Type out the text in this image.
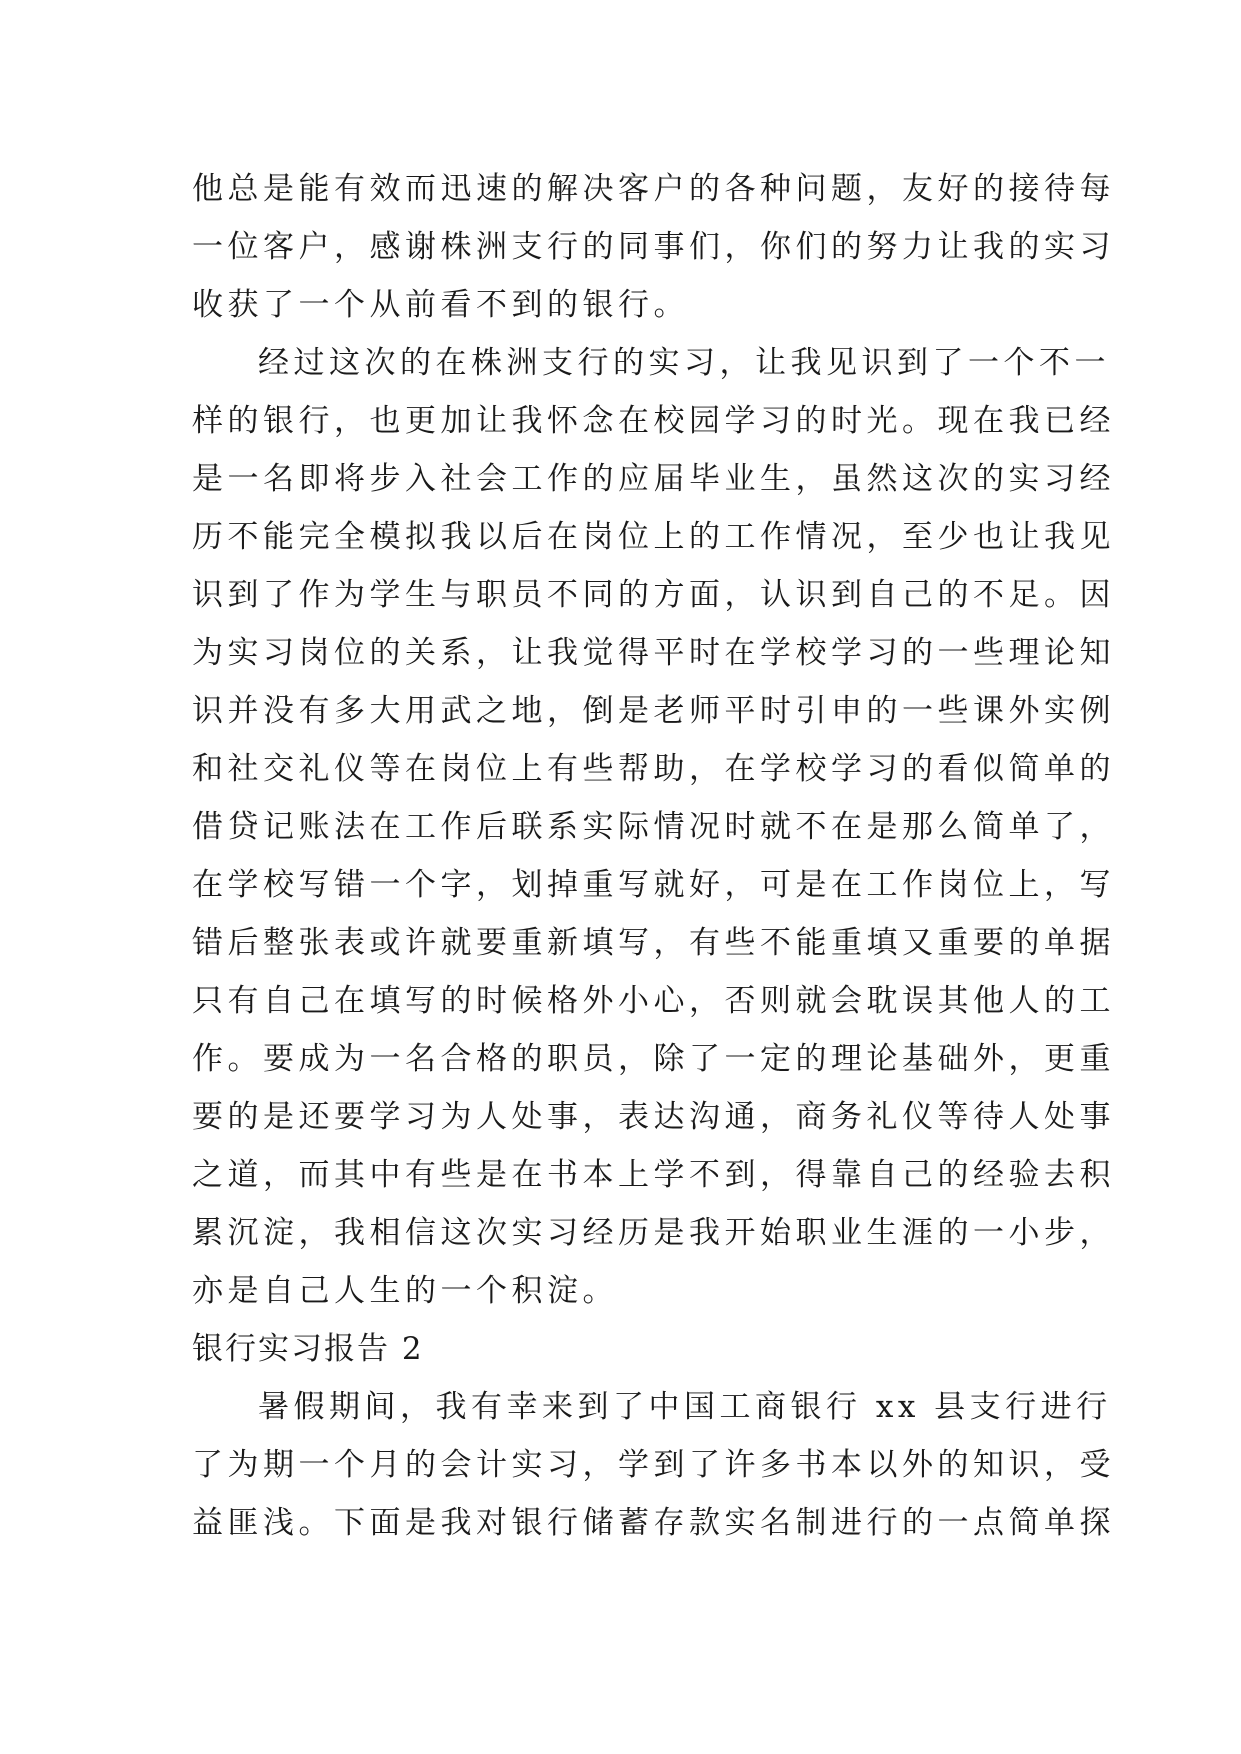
他总是能有效而迅速的解决客户的各种问题，友好的接待每
一位客户，感谢株洲支行的同事们，你们的努力让我的实习
收获了一个从前看不到的银行。
经过这次的在株洲支行的实习，让我见识到了一个不一
样的银行，也更加让我怀念在校园学习的时光。现在我已经
是一名即将步入社会工作的应届毕业生，虽然这次的实习经
历不能完全模拟我以后在岗位上的工作情况，至少也让我见
识到了作为学生与职员不同的方面，认识到自己的不足。因
为实习岗位的关系，让我觉得平时在学校学习的一些理论知
识并没有多大用武之地，倒是老师平时引申的一些课外实例
和社交礼仪等在岗位上有些帮助，在学校学习的看似简单的
借贷记账法在工作后联系实际情况时就不在是那么简单了，
在学校写错一个字，划掉重写就好，可是在工作岗位上，写
错后整张表或许就要重新填写，有些不能重填又重要的单据
只有自己在填写的时候格外小心，否则就会耽误其他人的工
作。要成为一名合格的职员，除了一定的理论基础外，更重
要的是还要学习为人处事，表达沟通，商务礼仪等待人处事
之道，而其中有些是在书本上学不到，得靠自己的经验去积
累沉淀，我相信这次实习经历是我开始职业生涯的一小步，
亦是自己人生的一个积淀。
银行实习报告 2
暑假期间，我有幸来到了中国工商银行 xx 县支行进行
了为期一个月的会计实习，学到了许多书本以外的知识，受
益匪浅。下面是我对银行储蓄存款实名制进行的一点简单探
